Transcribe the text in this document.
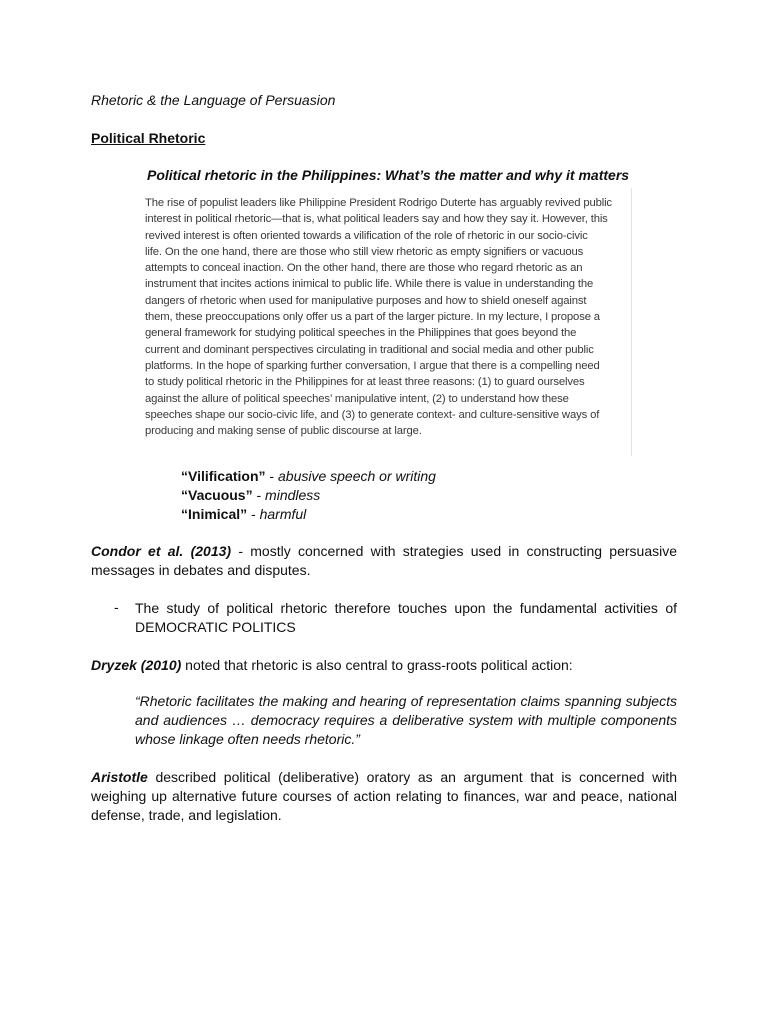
Rhetoric & the Language of Persuasion
Political Rhetoric
Political rhetoric in the Philippines: What’s the matter and why it matters
The rise of populist leaders like Philippine President Rodrigo Duterte has arguably revived public
interest in political rhetoric—that is, what political leaders say and how they say it. However, this
revived interest is often oriented towards a vilification of the role of rhetoric in our socio-civic
life. On the one hand, there are those who still view rhetoric as empty signifiers or vacuous
attempts to conceal inaction. On the other hand, there are those who regard rhetoric as an
instrument that incites actions inimical to public life. While there is value in understanding the
dangers of rhetoric when used for manipulative purposes and how to shield oneself against
them, these preoccupations only offer us a part of the larger picture. In my lecture, I propose a
general framework for studying political speeches in the Philippines that goes beyond the
current and dominant perspectives circulating in traditional and social media and other public
platforms. In the hope of sparking further conversation, I argue that there is a compelling need
to study political rhetoric in the Philippines for at least three reasons: (1) to guard ourselves
against the allure of political speeches’ manipulative intent, (2) to understand how these
speeches shape our socio-civic life, and (3) to generate context- and culture-sensitive ways of
producing and making sense of public discourse at large.
“Vilification” - abusive speech or writing
“Vacuous” - mindless
“Inimical” - harmful
Condor et al. (2013) - mostly concerned with strategies used in constructing persuasive
messages in debates and disputes.
- The study of political rhetoric therefore touches upon the fundamental activities of
DEMOCRATIC POLITICS
Dryzek (2010) noted that rhetoric is also central to grass-roots political action:
“Rhetoric facilitates the making and hearing of representation claims spanning subjects
and audiences … democracy requires a deliberative system with multiple components
whose linkage often needs rhetoric.”
Aristotle described political (deliberative) oratory as an argument that is concerned with
weighing up alternative future courses of action relating to finances, war and peace, national
defense, trade, and legislation.
